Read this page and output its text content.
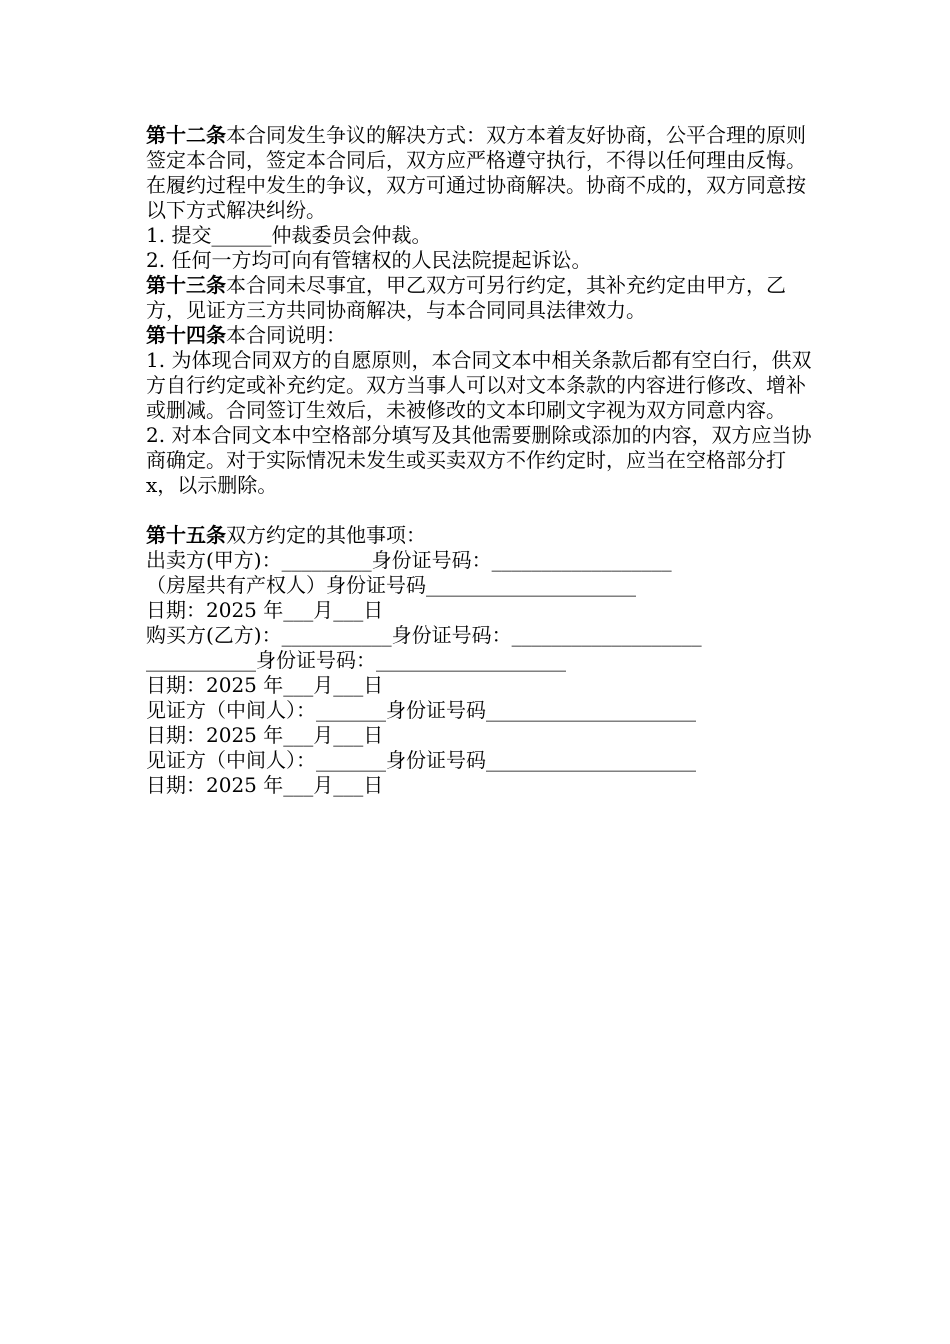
第十二条本合同发生争议的解决方式：双方本着友好协商，公平合理的原则签定本合同，签定本合同后，双方应严格遵守执行，不得以任何理由反悔。在履约过程中发生的争议，双方可通过协商解决。协商不成的，双方同意按以下方式解决纠纷。

1. 提交______仲裁委员会仲裁。

2. 任何一方均可向有管辖权的人民法院提起诉讼。

第十三条本合同未尽事宜，甲乙双方可另行约定，其补充约定由甲方，乙方，见证方三方共同协商解决，与本合同同具法律效力。

第十四条本合同说明：

1. 为体现合同双方的自愿原则，本合同文本中相关条款后都有空白行，供双方自行约定或补充约定。双方当事人可以对文本条款的内容进行修改、增补或删减。合同签订生效后，未被修改的文本印刷文字视为双方同意内容。

2. 对本合同文本中空格部分填写及其他需要删除或添加的内容，双方应当协商确定。对于实际情况未发生或买卖双方不作约定时，应当在空格部分打 x，以示删除。

第十五条双方约定的其他事项：

出卖方(甲方)：_________身份证号码：__________________

（房屋共有产权人）身份证号码_____________________

日期：2025 年___月___日

购买方(乙方)：___________身份证号码：___________________

___________身份证号码：___________________

日期：2025 年___月___日

见证方（中间人）：_______身份证号码_____________________

日期：2025 年___月___日

见证方（中间人）：_______身份证号码_____________________

日期：2025 年___月___日
